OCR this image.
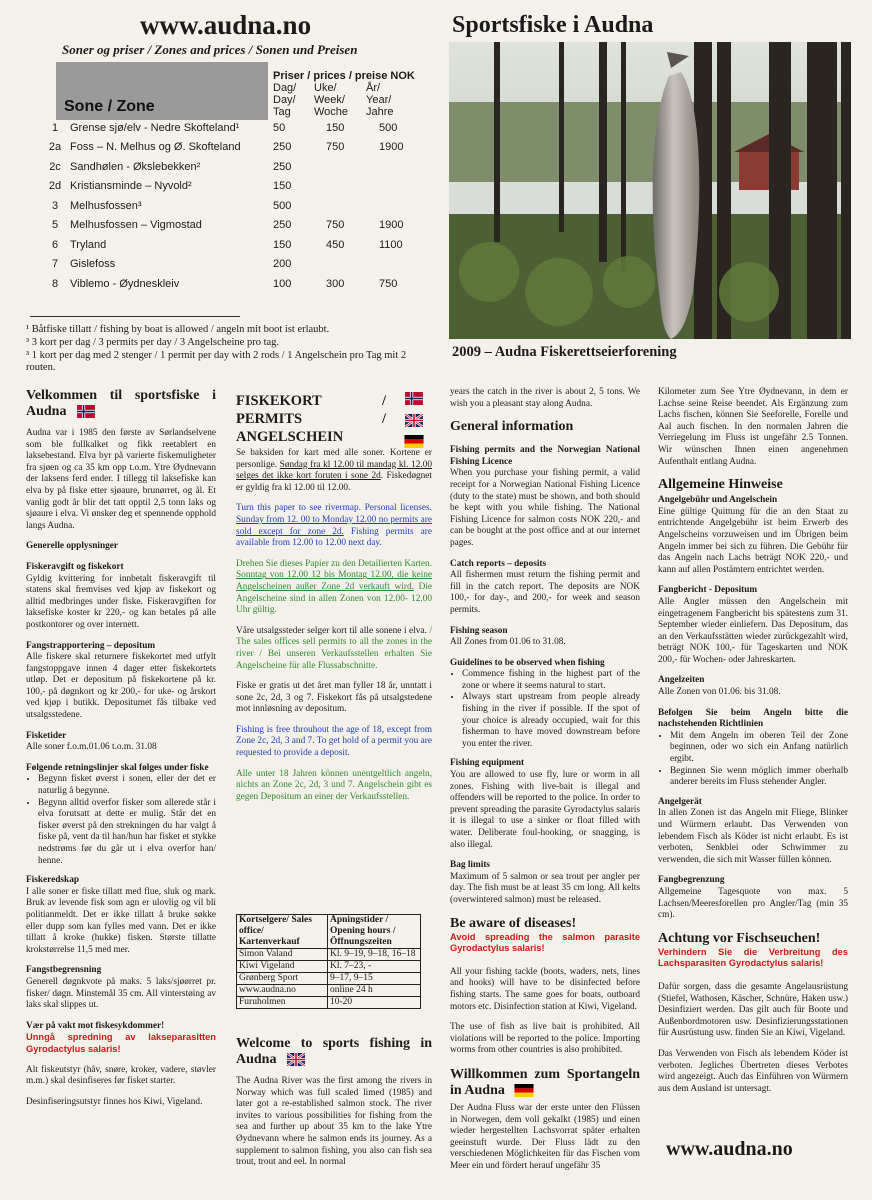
www.audna.no
Soner og priser / Zones and prices / Sonen und Preisen
Sone / Zone
Priser / prices / preise NOK
Dag/
Day/
Tag
Uke/
Week/
Woche
År/
Year/
Jahre
1	Grense sjø/elv - Nedre Skofteland¹	50	150	500
2a	Foss – N. Melhus og Ø. Skofteland	250	750	1900
2c	Sandhølen - Økslebekken²	250		
2d	Kristiansminde – Nyvold²	150		
3	Melhusfossen³	500		
5	Melhusfossen – Vigmostad	250	750	1900
6	Tryland	150	450	1100
7	Gislefoss	200		
8	Viblemo - Øydneskleiv	100	300	750
¹ Båtfiske tillatt / fishing by boat is allowed / angeln mit boot ist erlaubt.
³ 3 kort per dag / 3 permits per day / 3 Angelscheine pro tag.
³ 1 kort per dag med 2 stenger / 1 permit per day with 2 rods / 1 Angelschein pro Tag mit 2 routen.
Sportsfiske i Audna
2009 – Audna Fiskerettseierforening
Velkommen til sportsfiske i Audna

Audna var i 1985 den første av Sørlandselvene som ble fullkalket og fikk reetablert en laksebestand. Elva byr på varierte fiskemuligheter fra sjøen og ca 35 km opp t.o.m. Ytre Øydnevann der laksens ferd ender. I tillegg til laksefiske kan elva by på fiske etter sjøaure, brunørret, og ål. Et vanlig godt år blir det tatt opptil 2,5 tonn laks og sjøaure i elva. Vi ønsker deg et spennende opphold langs Audna.

Generelle opplysninger

Fiskeravgift og fiskekort

Gyldig kvittering for innbetalt fiskeravgift til statens skal fremvises ved kjøp av fiskekort og alltid medbringes under fiske. Fiskeravgiften for laksefiske koster kr 220,- og kan betales på alle postkontorer og over internett.

Fangstrapportering – depositum

Alle fiskere skal returnere fiskekortet med utfylt fangstoppgave innen 4 dager etter fiskekortets utløp. Det er depositum på fiskekortene på kr. 100,- på døgnkort og kr 200,- for uke- og årskort ved kjøp i butikk. Depositumet fås tilbake ved utsalgsstedene.

Fisketider

Alle soner f.o.m.01.06 t.o.m. 31.08

Følgende retningslinjer skal følges under fiske

• Begynn fisket øverst i sonen, eller der det er naturlig å begynne.
• Begynn alltid overfor fisker som allerede står i elva forutsatt at dette er mulig. Står det en fisker øverst på den strekningen du har valgt å fiske på, vent da til han/hun har fisket et stykke nedstrøms før du går ut i elva overfor han/ henne.

Fiskeredskap

I alle soner er fiske tillatt med flue, sluk og mark. Bruk av levende fisk som agn er ulovlig og vil bli politianmeldt. Det er ikke tillatt å bruke søkke eller dupp som kan fylles med vann. Det er ikke tillatt å kroke (hukke) fisken. Største tillatte krokstørrelse 11,5 med mer.

Fangstbegrensning

Generell døgnkvote på maks. 5 laks/sjøørret pr. fisker/ døgn. Minstemål 35 cm. All vinterstøing av laks skal slippes ut.

Vær på vakt mot fiskesykdommer!

Unngå spredning av lakseparasitten Gyrodactylus salaris!

Alt fiskeutstyr (håv, snøre, kroker, vadere, støvler m.m.) skal desinfiseres før fisket starter.

Desinfiseringsutstyr finnes hos Kiwi, Vigeland.

FISKEKORT / PERMITS / ANGELSCHEIN

Se baksiden for kart med alle soner. Kortene er personlige. Søndag fra kl 12.00 til mandag kl. 12.00 selges det ikke kort foruten i sone 2d. Fiskedøgnet er gyldig fra kl 12.00 til 12.00.

Turn this paper to see rivermap. Personal licenses. Sunday from 12. 00 to Monday 12.00 no permits are sold except for zone 2d. Fishing permits are available from 12.00 to 12.00 next day.

Drehen Sie dieses Papier zu den Detailierten Karten. Sonntag von 12.00 12 bis Montag 12.00, die keine Angelscheinen außer Zone 2d verkauft wird. Die Angelscheine sind in allen Zonen von 12.00- 12.00 Uhr gültig.

Våre utsalgssteder selger kort til alle sonene i elva. / The sales offices sell permits to all the zones in the river / Bei unseren Verkaufsstellen erhalten Sie Angelscheine für alle Flussabschnitte.

Fiske er gratis ut det året man fyller 18 år, unntatt i sone 2c, 2d, 3 og 7. Fiskekort fås på utsalgstedene mot innløsning av depositum.

Fishing is free throuhout the age of 18, except from Zone 2c, 2d, 3 and 7. To get hold of a permit you are requested to provide a deposit.

Alle unter 18 Jahren können unentgeltlich angeln, nichts an Zone 2c, 2d, 3 und 7. Angelschein gibt es gegen Depositum an einer der Verkaufsstellen.

Kortselgere/ Sales office/ Kartenverkauf	Åpningstider / Opening hours / Öffnungszeiten
Simon Valand	Kl. 9–19, 9–18, 16–18
Kiwi Vigeland	Kl. 7–23, -
Grønberg Sport	9–17, 9–15
www.audna.no	online 24 h
Furuholmen	10-20
Welcome to sports fishing in Audna

The Audna River was the first among the rivers in Norway which was full scaled limed (1985) and later got a re-established salmon stock. The river invites to various possibilities for fishing from the sea and further up about 35 km to the lake Ytre Øydnevann where he salmon ends its journey. As a supplement to salmon fishing, you also can fish sea trout, trout and eel. In normal

years the catch in the river is about 2, 5 tons. We wish you a pleasant stay along Audna.

General information

Fishing permits and the Norwegian National Fishing Licence

When you purchase your fishing permit, a valid receipt for a Norwegian National Fishing Licence (duty to the state) must be shown, and both should be kept with you while fishing. The National Fishing Licence for salmon costs NOK 220,- and can be bought at the post office and at our internet pages.

Catch reports – deposits

All fishermen must return the fishing permit and fill in the catch report. The deposits are NOK 100,- for day-, and 200,- for week and season permits.

Fishing season

All Zones from 01.06 to 31.08.

Guidelines to be observed when fishing

• Commence fishing in the highest part of the zone or where it seems natural to start.
• Always start upstream from people already fishing in the river if possible. If the spot of your choice is already occupied, wait for this fisherman to have moved downstream before you enter the river.

Fishing equipment

You are allowed to use fly, lure or worm in all zones. Fishing with live-bait is illegal and offenders will be reported to the police. In order to prevent spreading the parasite Gyrodactylus salaris it is illegal to use a sinker or float filled with water. Deliberate foul-hooking, or snagging, is also illegal.

Bag limits

Maximum of 5 salmon or sea trout per angler per day. The fish must be at least 35 cm long. All kelts (overwintered salmon) must be released.

Be aware of diseases!

Avoid spreading the salmon parasite Gyrodactylus salaris!

All your fishing tackle (boots, waders, nets, lines and hooks) will have to be disinfected before fishing starts. The same goes for boats, outboard motors etc. Disinfection station at Kiwi, Vigeland.

The use of fish as live bait is prohibited. All violations will be reported to the police. Importing worms from other countries is also prohibited.

Willkommen zum Sportangeln in Audna

Der Audna Fluss war der erste unter den Flüssen in Norwegen, dem voll gekalkt (1985) und einen wieder hergestellten Lachsvorrat später erhalten geeinstuft wurde. Der Fluss lädt zu den verschiedenen Möglichkeiten für das Fischen vom Meer ein und fördert herauf ungefähr 35

Kilometer zum See Ytre Øydnevann, in dem er Lachse seine Reise beendet. Als Ergänzung zum Lachs fischen, können Sie Seeforelle, Forelle und Aal auch fischen. In den normalen Jahren die Verriegelung im Fluss ist ungefähr 2.5 Tonnen. Wir wünschen Ihnen einen angenehmen Aufenthalt entlang Audna.

Allgemeine Hinweise

Angelgebühr und Angelschein

Eine gültige Quittung für die an den Staat zu entrichtende Angelgebühr ist beim Erwerb des Angelscheins vorzuweisen und im Übrigen beim Angeln immer bei sich zu führen. Die Gebühr für das Angeln nach Lachs beträgt NOK 220,- und kann auf allen Postämtern entrichtet werden.

Fangbericht - Depositum

Alle Angler müssen den Angelschein mit eingetragenem Fangbericht bis spätestens zum 31. September wieder einliefern. Das Depositum, das an den Verkaufsstätten wieder zurückgezahlt wird, beträgt NOK 100,- für Tageskarten und NOK 200,- für Wochen- oder Jahreskarten.

Angelzeiten

Alle Zonen von 01.06. bis 31.08.

Befolgen Sie beim Angeln bitte die nachstehenden Richtlinien

• Mit dem Angeln im oberen Teil der Zone beginnen, oder wo sich ein Anfang natürlich ergibt.
• Beginnen Sie wenn möglich immer oberhalb anderer bereits im Fluss stehender Angler.

Angelgerät

In allen Zonen ist das Angeln mit Fliege, Blinker und Würmern erlaubt. Das Verwenden von lebendem Fisch als Köder ist nicht erlaubt. Es ist verboten, Senkblei oder Schwimmer zu verwenden, die sich mit Wasser füllen können.

Fangbegrenzung

Allgemeine Tagesquote von max. 5 Lachsen/Meeresforellen pro Angler/Tag (min 35 cm).

Achtung vor Fischseuchen!

Verhindern Sie die Verbreitung des Lachsparasiten Gyrodactylus salaris!

Dafür sorgen, dass die gesamte Angelausrüstung (Stiefel, Wathosen, Käscher, Schnüre, Haken usw.) Desinfiziert werden. Das gilt auch für Boote und Außenbordmotoren usw. Desinfizierungsstationen für Ausrüstung usw. finden Sie an Kiwi, Vigeland.

Das Verwenden von Fisch als lebendem Köder ist verboten. Jegliches Übertreten dieses Verbotes wird angezeigt. Auch das Einführen von Würmern aus dem Ausland ist untersagt.

www.audna.no
